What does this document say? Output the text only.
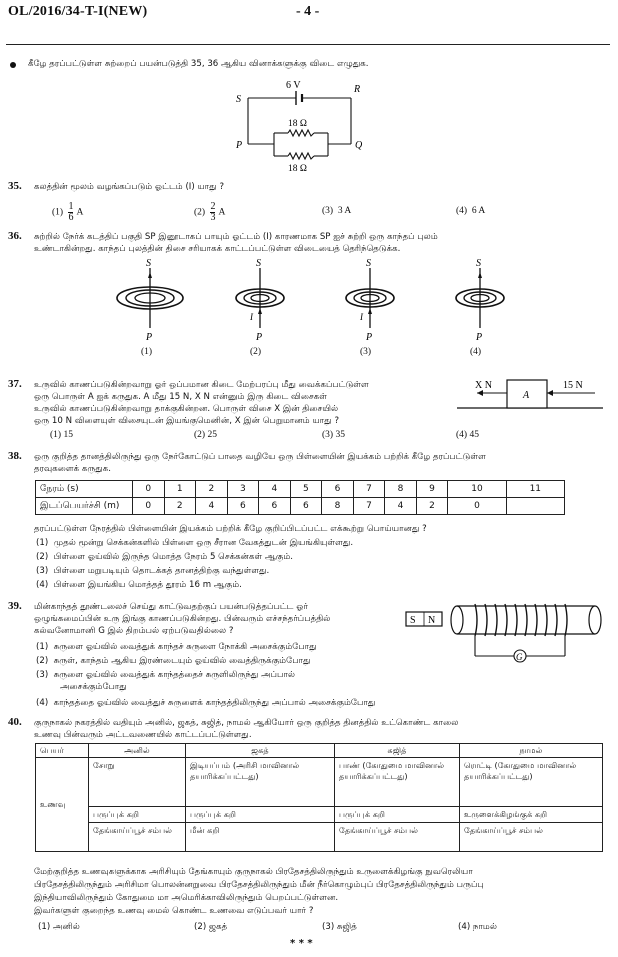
OL/2016/34-T-I(NEW)	- 4 -
கீழே தரப்பட்டுள்ள சுற்றைப் பயன்படுத்தி 35, 36 ஆகிய வினாக்களுக்கு விடை எழுதுக.
6 V
18 Ω
18 Ω
S
R
P	Q
35. கலத்தின் மூலம் வழங்கப்படும் ஓட்டம் (I) யாது ?
$(1) \frac{1}{6}$ A	$(2) \frac{2}{3}$ A	(3) 3 A	(4) 6 A
36. சுற்றில் நேர்க் கடத்திப் பகுதி SP இனூடாகப் பாயும் ஓட்டம் (I) காரணமாக SP ஐச் சுற்றி ஒரு காந்தப் புலம்
உண்டாகின்றது. காந்தப் புலத்தின் திசை சரியாகக் காட்டப்பட்டுள்ள விடையைத் தெரிந்தெடுக்க.
S
P
I
S
P
I
S
P
S
P
(1)	(2)	(3)	(4)
37. உருவில் காணப்படுகின்றவாறு ஓர் ஒப்பமான கிடை மேற்பரப்பு மீது வைக்கப்பட்டுள்ள
ஒரு பொருள் A ஐக் கருதுக. A மீது 15 N, X N என்னும் இரு கிடை விசைகள்
உருவில் காணப்படுகின்றவாறு தாக்குகின்றன. பொருள் விசை X இன் திசையில்
ஒரு 10 N விளையுள் விசையுடன் இயங்குமெனின், X இன் பெறுமானம் யாது ?
X N	15 N
A
(1) 15	(2) 25	(3) 35	(4) 45
38. ஒரு குறித்த தானத்திலிருந்து ஒரு நேர்கோட்டுப் பாதை வழியே ஒரு பிள்ளையின் இயக்கம் பற்றிக் கீழே தரப்பட்டுள்ள
தரவுகளைக் கருதுக.
நேரம் (s)	0	1	2	3	4	5	6	7	8	9	10	11
இடப்பெயர்ச்சி (m)	0	2	4	6	6	6	8	7	4	2	0	
தரப்பட்டுள்ள நேரத்தில் பிள்ளையின் இயக்கம் பற்றிக் கீழே குறிப்பிடப்பட்ட எக்கூற்று பொய்யானது ?
(1) முதல் மூன்று செக்கன்களில் பிள்ளை ஒரு சீரான வேகத்துடன் இயங்கியுள்ளது.
(2) பிள்ளை ஓய்வில் இருந்த மொத்த நேரம் 5 செக்கன்கள் ஆகும்.
(3) பிள்ளை மறுபடியும் தொடக்கத் தானத்திற்கு வந்துள்ளது.
(4) பிள்ளை இயங்கிய மொத்தத் தூரம் 16 m ஆகும்.
39. மின்காந்தத் தூண்டலைச் செய்து காட்டுவதற்குப் பயன்படுத்தப்பட்ட ஓர்
ஒழுங்கமைப்பின் உரு இங்கு காணப்படுகின்றது. பின்வரும் எச்சந்தர்ப்பத்தில்
கல்வனோமானி G இல் திறம்பல் ஏற்படுவதில்லை ?
S N
G
(1) சுருளை ஓய்வில் வைத்துக் காந்தச் சுருளை நோக்கி அசைக்கும்போது
(2) சுருள், காந்தம் ஆகிய இரண்டையும் ஓய்வில் வைத்திருக்கும்போது
(3) சுருளை ஓய்வில் வைத்துக் காந்தத்தைச் சுருளிலிருந்து அப்பால்
அசைக்கும்போது
(4) காந்தத்தை ஓய்வில் வைத்துச் சுருளைக் காந்தத்திலிருந்து அப்பால் அசைக்கும்போது
40. குருநாகல் நகரத்தில் வதியும் அனில், ஜகத், சுஜித், நாமல் ஆகியோர் ஒரு குறித்த தினத்தில் உட்கொண்ட காலை
உணவு பின்வரும் அட்டவணையில் காட்டப்பட்டுள்ளது.
பெயர்	அனில்	ஜகத்	சுஜித்	நாமல்
உணவு	சோறு	இடியப்பம் (அரிசி மாவினால் தயாரிக்கப்பட்டது)	பாண் (கோதுமை மாவினால் தயாரிக்கப்பட்டது)	ரொட்டி (கோதுமை மாவினால் தயாரிக்கப்பட்டது)
	பருப்புக் கறி	பருப்புக் கறி	பருப்புக் கறி	உருளைக்கிழங்குக் கறி
	தேங்காய்ப்பூச் சம்பல்	மீன் கறி	தேங்காய்ப்பூச் சம்பல்	தேங்காய்ப்பூச் சம்பல்
மேற்குறித்த உணவுகளுக்காக அரிசியும் தேங்காயும் குருநாகல் பிரதேசத்திலிருந்தும் உருளைக்கிழங்கு நுவரெலியா
பிரதேசத்திலிருந்தும் அரிசிமா பொலன்னறுவை பிரதேசத்திலிருந்தும் மீன் நீர்கொழும்புப் பிரதேசத்திலிருந்தும் பருப்பு
இந்தியாவிலிருந்தும் கோதுமை மா அமெரிக்காவிலிருந்தும் பெறப்பட்டுள்ளன.
இவர்களுள் குறைந்த உணவு மைல் கொண்ட உணவை எடுப்பவர் யார் ?
(1) அனில்	(2) ஜகத்	(3) சுஜித்	(4) நாமல்
* * *
